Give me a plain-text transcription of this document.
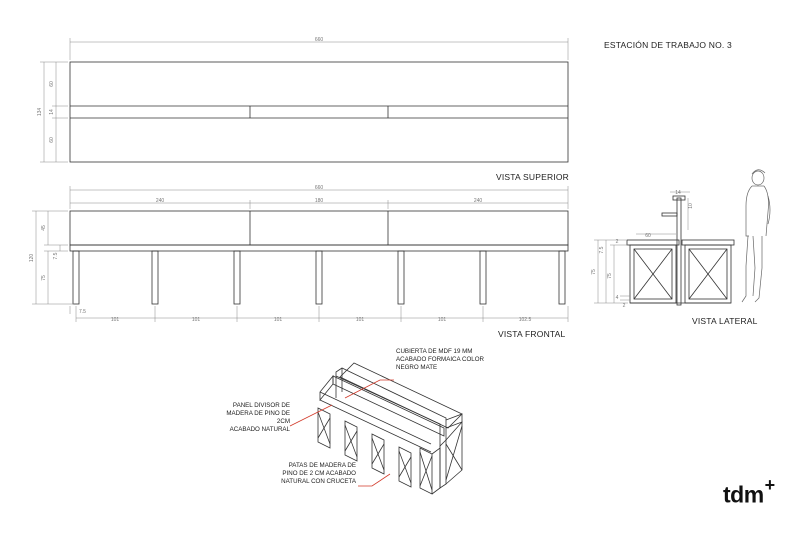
ESTACIÓN DE TRABAJO NO. 3
660
134
60
14
60
660
240	180	240
120
45
7.5
75
7.5
101	101	101	101	101	102.5
14
10
60
75
7.5
75
4
2
2
VISTA SUPERIOR
VISTA FRONTAL
VISTA LATERAL
CUBIERTA DE MDF 19 MM
ACABADO FORMAICA COLOR
NEGRO MATE
PANEL DIVISOR DE
MADERA DE PINO DE 2CM
ACABADO NATURAL
PATAS DE MADERA DE
PINO DE 2 CM ACABADO
NATURAL CON CRUCETA
tdm+
